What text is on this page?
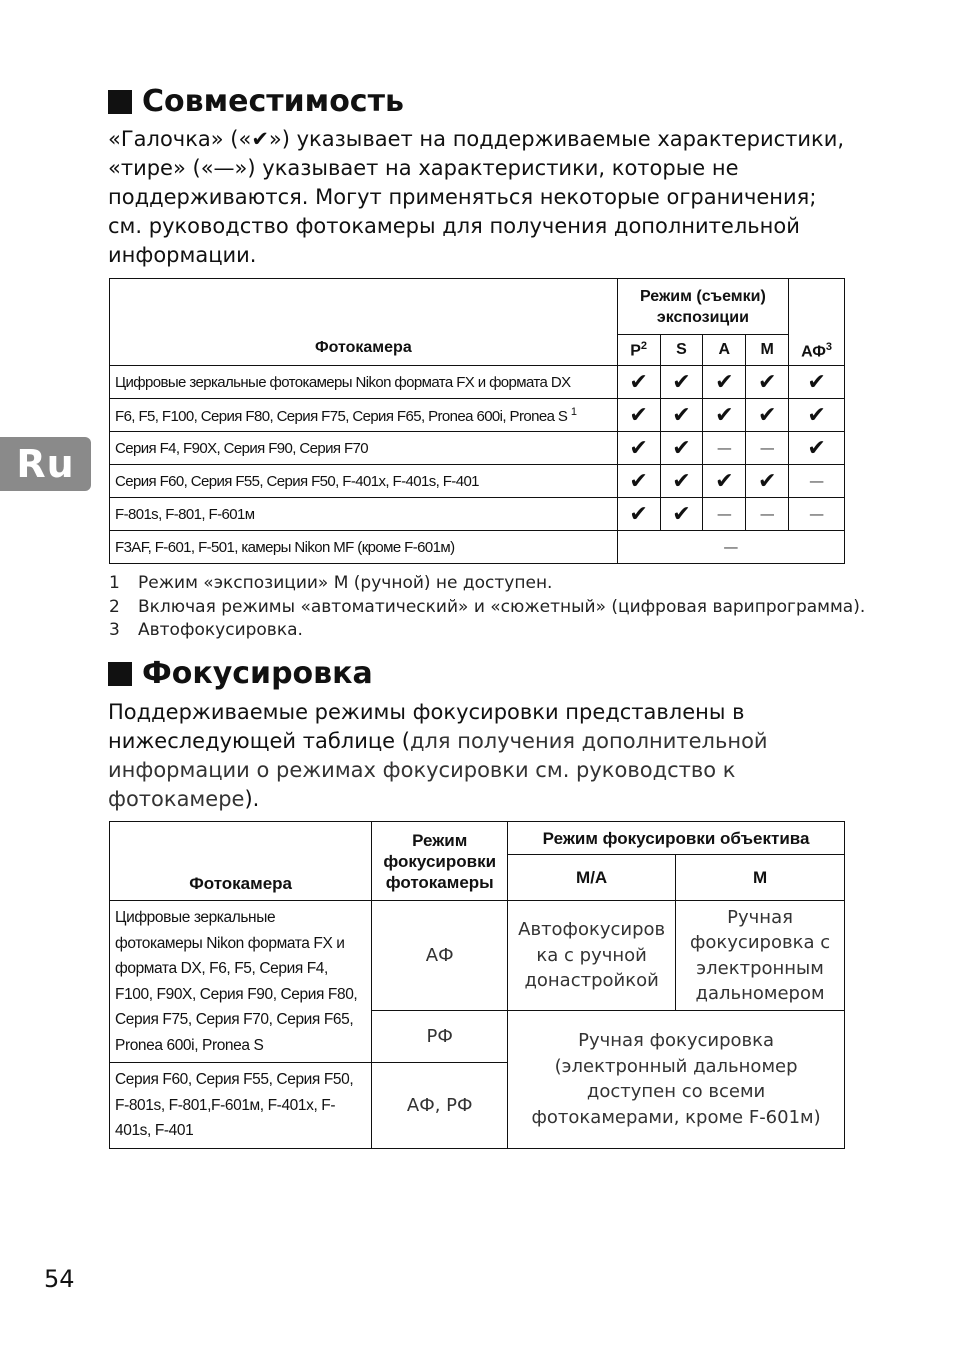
Ru
Совместимость

«Галочка» («✔») указывает на поддерживаемые характеристики, «тире» («—») указывает на характеристики, которые не поддерживаются. Могут применяться некоторые ограничения; см. руководство фотокамеры для получения дополнительной информации.

Фотокамера	Режим (съемки) экспозиции				$АФ^3$
	$P^2$	S	A	M	
Цифровые зеркальные фотокамеры Nikon формата FX и формата DX	✔	✔	✔	✔	✔
F6, F5, F100, Серия F80, Серия F75, Серия F65, Pronea 600i, Pronea S $^1$	✔	✔	✔	✔	✔
Серия F4, F90X, Серия F90, Серия F70	✔	✔	—	—	✔
Серия F60, Серия F55, Серия F50, F-401x, F-401s, F-401	✔	✔	✔	✔	—
F-801s, F-801, F-601м	✔	✔	—	—	—
F3AF, F-601, F-501, камеры Nikon MF (кроме F-601м)	—				
1	Режим «экспозиции» M (ручной) не доступен.
2	Включая режимы «автоматический» и «сюжетный» (цифровая варипрограмма).
3	Автофокусировка.
Фокусировка

Поддерживаемые режимы фокусировки представлены в нижеследующей таблице (для получения дополнительной информации о режимах фокусировки см. руководство к фотокамере).

Фотокамера	Режим фокусировки фотокамеры	Режим фокусировки объектива	
		M/A	M
Цифровые зеркальные фотокамеры Nikon формата FX и формата DX, F6, F5, Серия F4, F100, F90X, Серия F90, Серия F80, Серия F75, Серия F70, Серия F65, Pronea 600i, Pronea S	АФ	Автофокусиров ка с ручной донастройкой	Ручная фокусировка с электронным дальномером
	РФ	Ручная фокусировка (электронный дальномер доступен со всеми фотокамерами, кроме F-601м)	
Серия F60, Серия F55, Серия F50, F-801s, F-801,F-601м, F-401x, F-401s, F-401	АФ, РФ		
54
